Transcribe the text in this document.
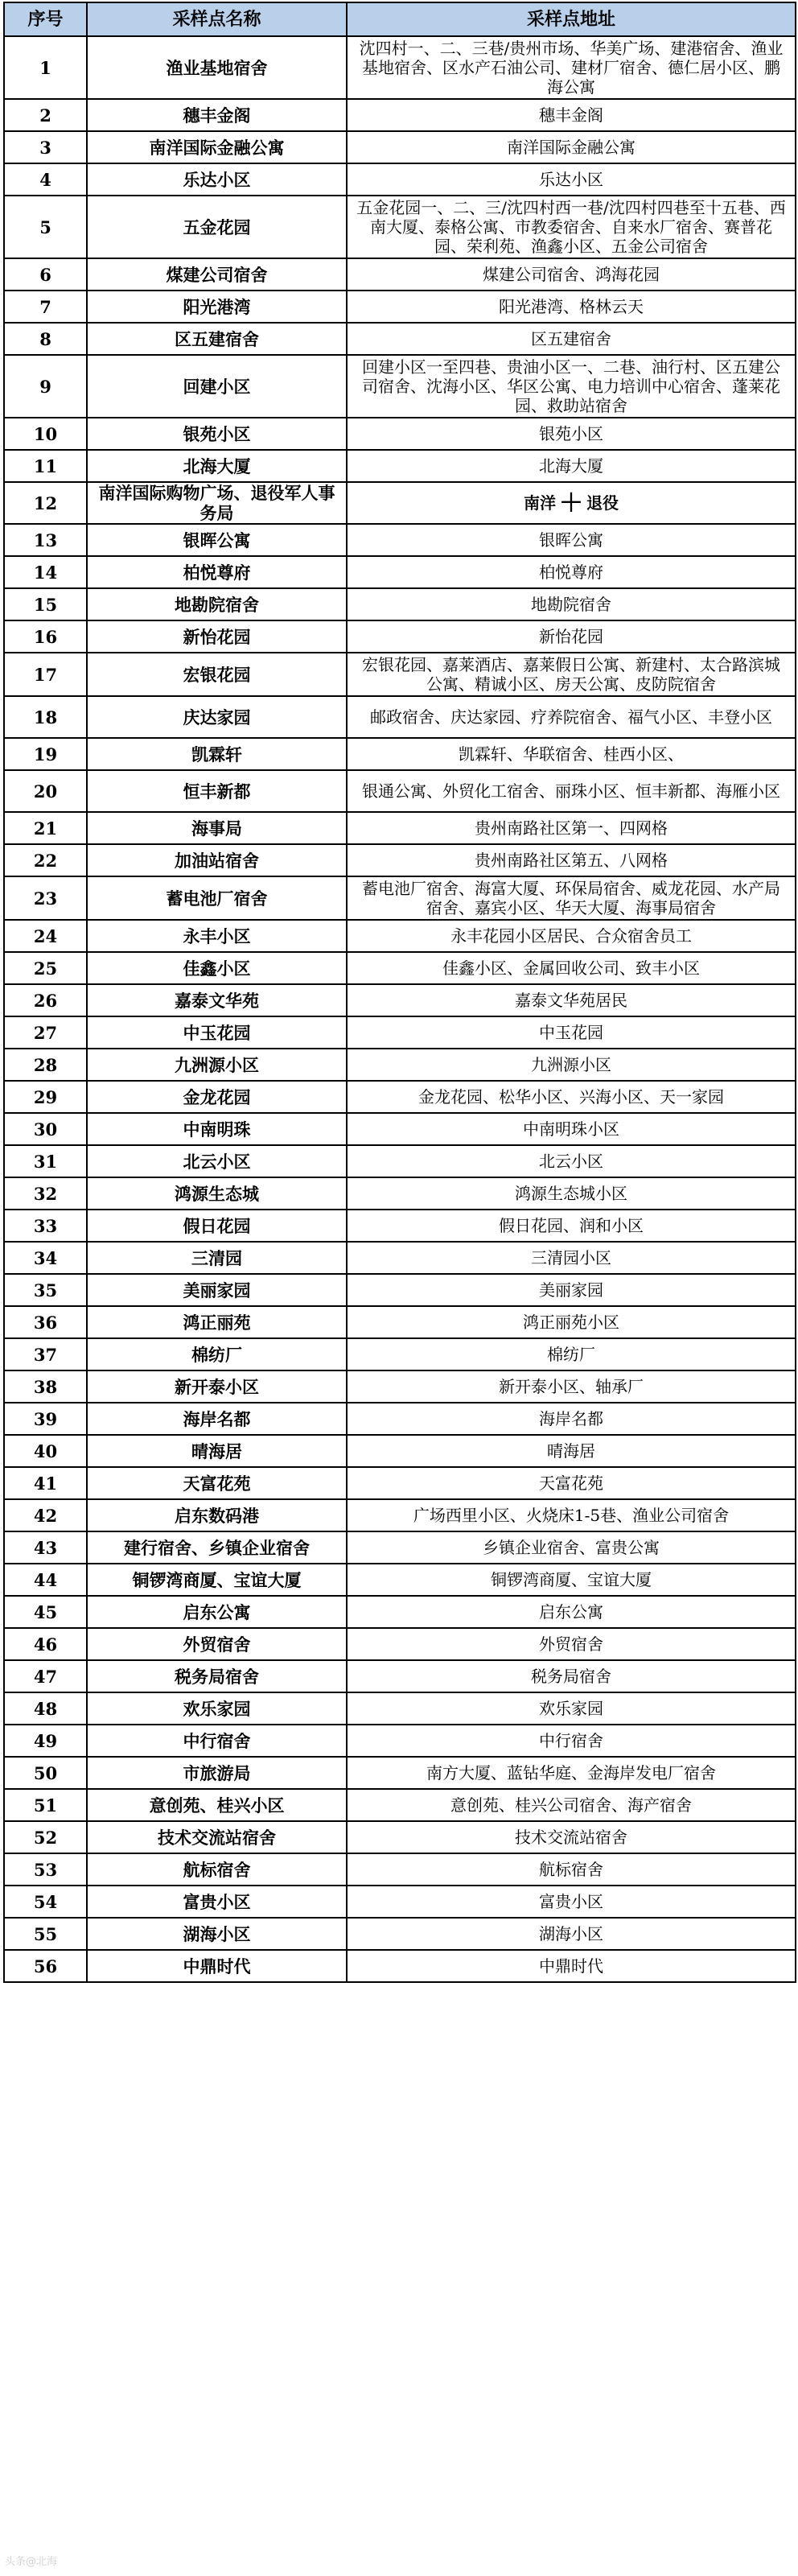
序号	采样点名称	采样点地址
1	渔业基地宿舍	沈四村一、二、三巷/贵州市场、华美广场、建港宿舍、渔业基地宿舍、区水产石油公司、建材厂宿舍、德仁居小区、鹏海公寓
2	穗丰金阁	穗丰金阁
3	南洋国际金融公寓	南洋国际金融公寓
4	乐达小区	乐达小区
5	五金花园	五金花园一、二、三/沈四村西一巷/沈四村四巷至十五巷、西南大厦、泰格公寓、市教委宿舍、自来水厂宿舍、赛普花园、荣利苑、渔鑫小区、五金公司宿舍
6	煤建公司宿舍	煤建公司宿舍、鸿海花园
7	阳光港湾	阳光港湾、格林云天
8	区五建宿舍	区五建宿舍
9	回建小区	回建小区一至四巷、贵油小区一、二巷、油行村、区五建公司宿舍、沈海小区、华区公寓、电力培训中心宿舍、蓬莱花园、救助站宿舍
10	银苑小区	银苑小区
11	北海大厦	北海大厦
12	南洋国际购物广场、退役军人事务局	南洋 ＋ 退役
13	银晖公寓	银晖公寓
14	柏悦尊府	柏悦尊府
15	地勘院宿舍	地勘院宿舍
16	新怡花园	新怡花园
17	宏银花园	宏银花园、嘉莱酒店、嘉莱假日公寓、新建村、太合路滨城公寓、精诚小区、房天公寓、皮防院宿舍
18	庆达家园	邮政宿舍、庆达家园、疗养院宿舍、福气小区、丰登小区
19	凯霖轩	凯霖轩、华联宿舍、桂西小区、
20	恒丰新都	银通公寓、外贸化工宿舍、丽珠小区、恒丰新都、海雁小区
21	海事局	贵州南路社区第一、四网格
22	加油站宿舍	贵州南路社区第五、八网格
23	蓄电池厂宿舍	蓄电池厂宿舍、海富大厦、环保局宿舍、威龙花园、水产局宿舍、嘉宾小区、华天大厦、海事局宿舍
24	永丰小区	永丰花园小区居民、合众宿舍员工
25	佳鑫小区	佳鑫小区、金属回收公司、致丰小区
26	嘉泰文华苑	嘉泰文华苑居民
27	中玉花园	中玉花园
28	九洲源小区	九洲源小区
29	金龙花园	金龙花园、松华小区、兴海小区、天一家园
30	中南明珠	中南明珠小区
31	北云小区	北云小区
32	鸿源生态城	鸿源生态城小区
33	假日花园	假日花园、润和小区
34	三清园	三清园小区
35	美丽家园	美丽家园
36	鸿正丽苑	鸿正丽苑小区
37	棉纺厂	棉纺厂
38	新开泰小区	新开泰小区、轴承厂
39	海岸名都	海岸名都
40	晴海居	晴海居
41	天富花苑	天富花苑
42	启东数码港	广场西里小区、火烧床1-5巷、渔业公司宿舍
43	建行宿舍、乡镇企业宿舍	乡镇企业宿舍、富贵公寓
44	铜锣湾商厦、宝谊大厦	铜锣湾商厦、宝谊大厦
45	启东公寓	启东公寓
46	外贸宿舍	外贸宿舍
47	税务局宿舍	税务局宿舍
48	欢乐家园	欢乐家园
49	中行宿舍	中行宿舍
50	市旅游局	南方大厦、蓝钻华庭、金海岸发电厂宿舍
51	意创苑、桂兴小区	意创苑、桂兴公司宿舍、海产宿舍
52	技术交流站宿舍	技术交流站宿舍
53	航标宿舍	航标宿舍
54	富贵小区	富贵小区
55	湖海小区	湖海小区
56	中鼎时代	中鼎时代
头条@北海
